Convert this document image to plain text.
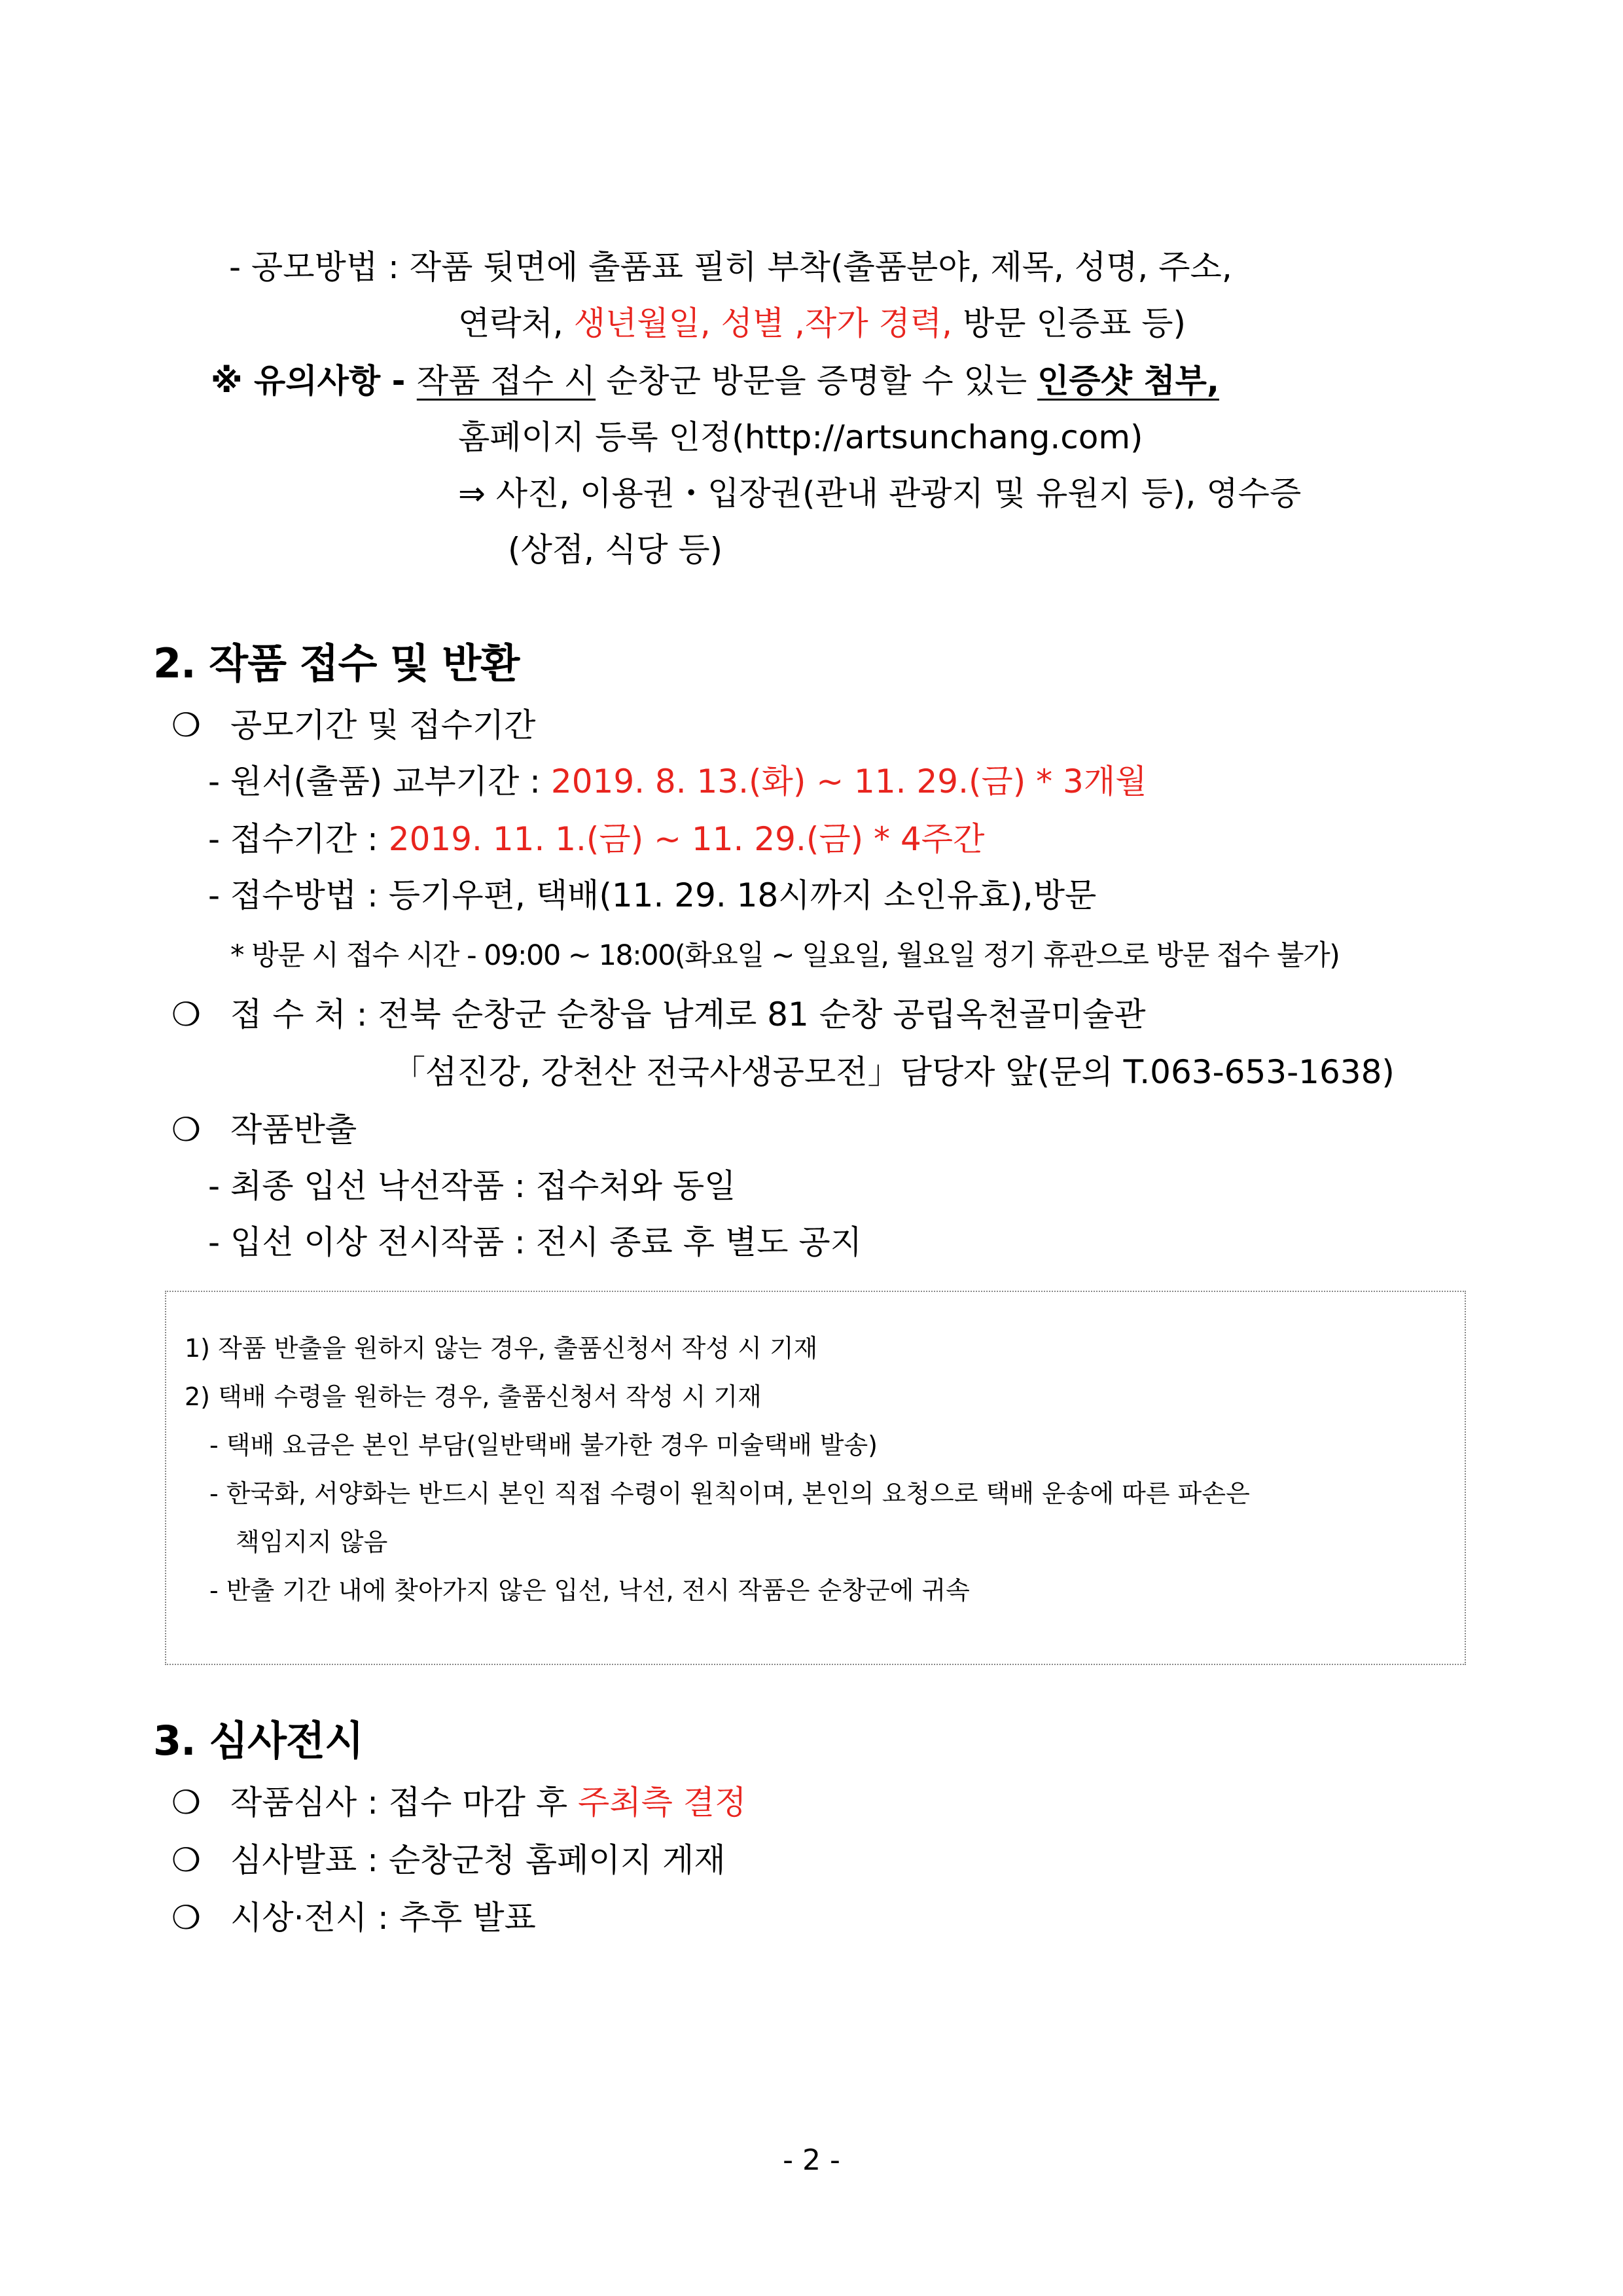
- 공모방법 : 작품 뒷면에 출품표 필히 부착(출품분야, 제목, 성명, 주소,
연락처, 생년월일, 성별 ,작가 경력, 방문 인증표 등)
※ 유의사항 - 작품 접수 시 순창군 방문을 증명할 수 있는 인증샷 첨부,
홈페이지 등록 인정(http://artsunchang.com)
⇒ 사진, 이용권・입장권(관내 관광지 및 유원지 등), 영수증
(상점, 식당 등)
2. 작품 접수 및 반환
❍ 공모기간 및 접수기간
- 원서(출품) 교부기간 : 2019. 8. 13.(화) ~ 11. 29.(금) * 3개월
- 접수기간 : 2019. 11. 1.(금) ~ 11. 29.(금) * 4주간
- 접수방법 : 등기우편, 택배(11. 29. 18시까지 소인유효),방문
* 방문 시 접수 시간 - 09:00 ~ 18:00(화요일 ~ 일요일, 월요일 정기 휴관으로 방문 접수 불가)
❍ 접 수 처 : 전북 순창군 순창읍 남계로 81 순창 공립옥천골미술관
「섬진강, 강천산 전국사생공모전」담당자 앞(문의 T.063-653-1638)
❍ 작품반출
- 최종 입선 낙선작품 : 접수처와 동일
- 입선 이상 전시작품 : 전시 종료 후 별도 공지
1) 작품 반출을 원하지 않는 경우, 출품신청서 작성 시 기재
2) 택배 수령을 원하는 경우, 출품신청서 작성 시 기재
- 택배 요금은 본인 부담(일반택배 불가한 경우 미술택배 발송)
- 한국화, 서양화는 반드시 본인 직접 수령이 원칙이며, 본인의 요청으로 택배 운송에 따른 파손은
책임지지 않음
- 반출 기간 내에 찾아가지 않은 입선, 낙선, 전시 작품은 순창군에 귀속
3. 심사전시
❍ 작품심사 : 접수 마감 후 주최측 결정
❍ 심사발표 : 순창군청 홈페이지 게재
❍ 시상·전시 : 추후 발표
- 2 -
